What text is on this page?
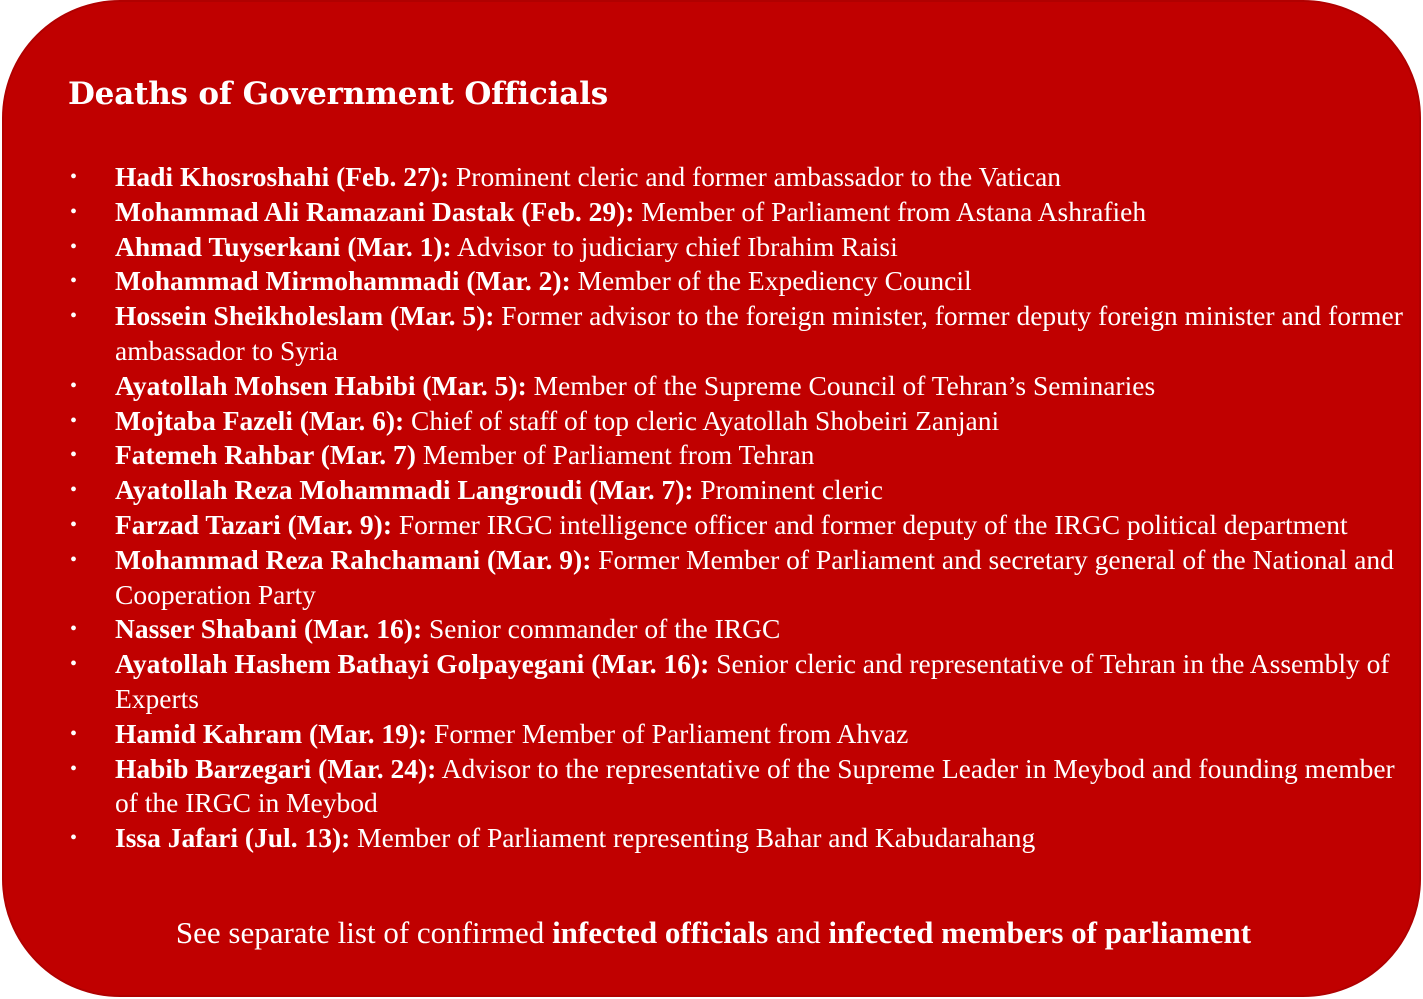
Deaths of Government Officials
• Hadi Khosroshahi (Feb. 27): Prominent cleric and former ambassador to the Vatican
• Mohammad Ali Ramazani Dastak (Feb. 29): Member of Parliament from Astana Ashrafieh
• Ahmad Tuyserkani (Mar. 1): Advisor to judiciary chief Ibrahim Raisi
• Mohammad Mirmohammadi (Mar. 2): Member of the Expediency Council
• Hossein Sheikholeslam (Mar. 5): Former advisor to the foreign minister, former deputy foreign minister and former ambassador to Syria
• Ayatollah Mohsen Habibi (Mar. 5): Member of the Supreme Council of Tehran’s Seminaries
• Mojtaba Fazeli (Mar. 6): Chief of staff of top cleric Ayatollah Shobeiri Zanjani
• Fatemeh Rahbar (Mar. 7) Member of Parliament from Tehran
• Ayatollah Reza Mohammadi Langroudi (Mar. 7): Prominent cleric
• Farzad Tazari (Mar. 9): Former IRGC intelligence officer and former deputy of the IRGC political department
• Mohammad Reza Rahchamani (Mar. 9): Former Member of Parliament and secretary general of the National and Cooperation Party
• Nasser Shabani (Mar. 16): Senior commander of the IRGC
• Ayatollah Hashem Bathayi Golpayegani (Mar. 16): Senior cleric and representative of Tehran in the Assembly of Experts
• Hamid Kahram (Mar. 19): Former Member of Parliament from Ahvaz
• Habib Barzegari (Mar. 24): Advisor to the representative of the Supreme Leader in Meybod and founding member of the IRGC in Meybod
• Issa Jafari (Jul. 13): Member of Parliament representing Bahar and Kabudarahang

See separate list of confirmed infected officials and infected members of parliament
